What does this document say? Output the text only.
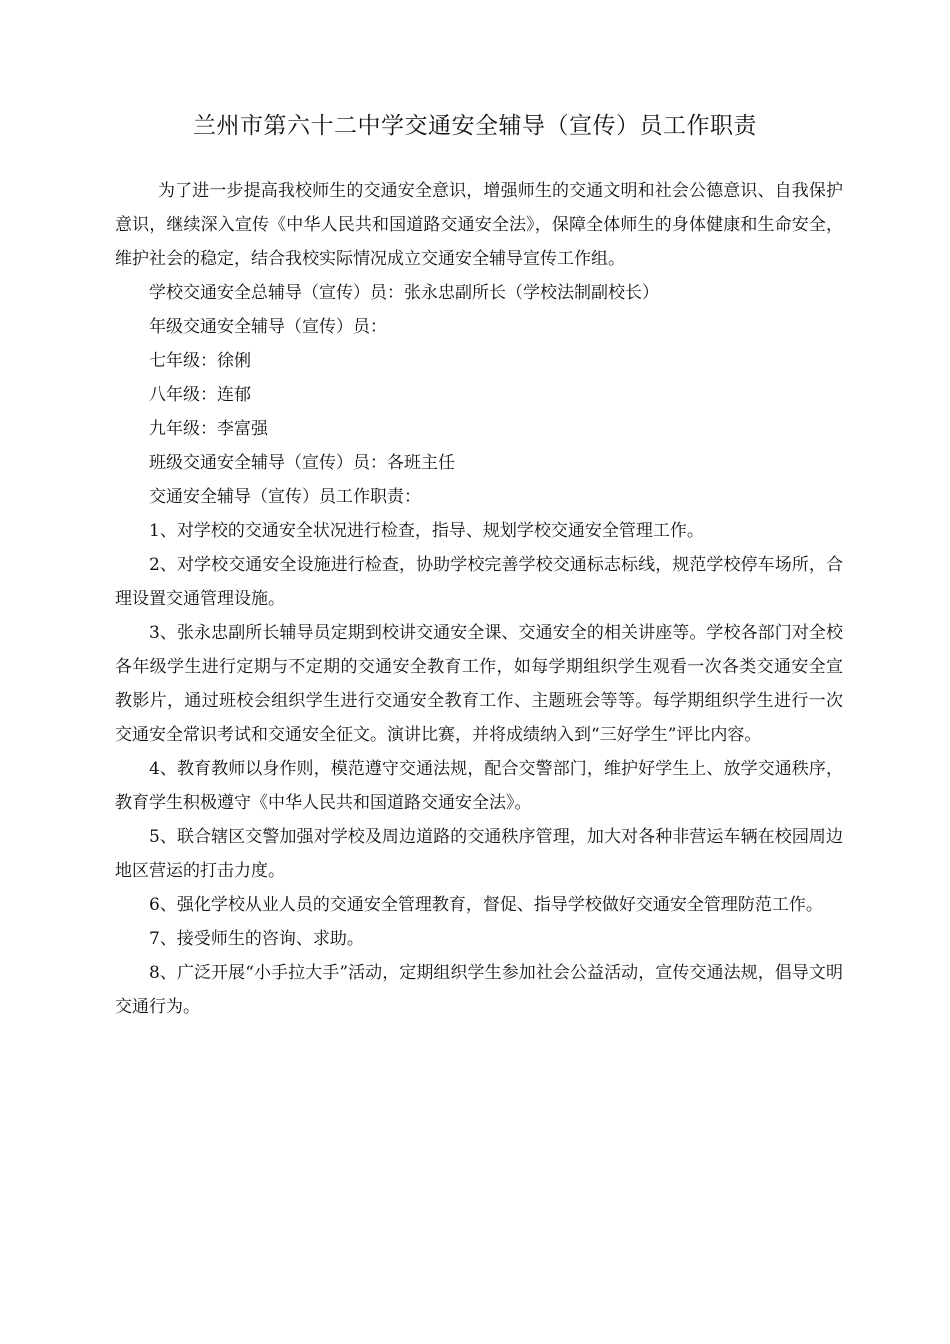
兰州市第六十二中学交通安全辅导（宣传）员工作职责

为了进一步提高我校师生的交通安全意识，增强师生的交通文明和社会公德意识、自我保护意识，继续深入宣传《中华人民共和国道路交通安全法》，保障全体师生的身体健康和生命安全，维护社会的稳定，结合我校实际情况成立交通安全辅导宣传工作组。

学校交通安全总辅导（宣传）员：张永忠副所长（学校法制副校长）

年级交通安全辅导（宣传）员：

七年级：徐俐

八年级：连郁

九年级：李富强

班级交通安全辅导（宣传）员：各班主任

交通安全辅导（宣传）员工作职责：

1、对学校的交通安全状况进行检查，指导、规划学校交通安全管理工作。

2、对学校交通安全设施进行检查，协助学校完善学校交通标志标线，规范学校停车场所，合理设置交通管理设施。

3、张永忠副所长辅导员定期到校讲交通安全课、交通安全的相关讲座等。学校各部门对全校各年级学生进行定期与不定期的交通安全教育工作，如每学期组织学生观看一次各类交通安全宣教影片，通过班校会组织学生进行交通安全教育工作、主题班会等等。每学期组织学生进行一次交通安全常识考试和交通安全征文。演讲比赛，并将成绩纳入到“三好学生”评比内容。

4、教育教师以身作则，模范遵守交通法规，配合交警部门，维护好学生上、放学交通秩序，教育学生积极遵守《中华人民共和国道路交通安全法》。

5、联合辖区交警加强对学校及周边道路的交通秩序管理，加大对各种非营运车辆在校园周边地区营运的打击力度。

6、强化学校从业人员的交通安全管理教育，督促、指导学校做好交通安全管理防范工作。

7、接受师生的咨询、求助。

8、广泛开展“小手拉大手”活动，定期组织学生参加社会公益活动，宣传交通法规，倡导文明交通行为。
